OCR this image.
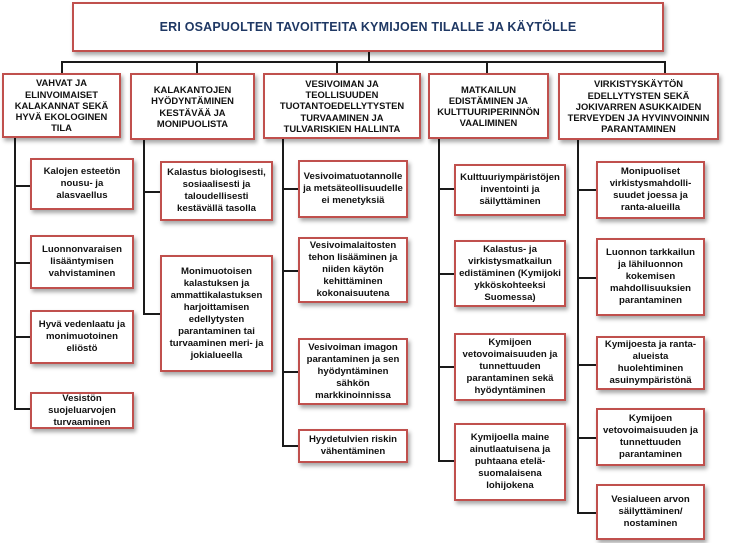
ERI OSAPUOLTEN TAVOITTEITA KYMIJOEN TILALLE JA KÄYTÖLLE
VAHVAT JA ELINVOIMAISET KALAKANNAT SEKÄ HYVÄ EKOLOGINEN TILA
KALAKANTOJEN HYÖDYNTÄMINEN KESTÄVÄÄ JA MONIPUOLISTA
VESIVOIMAN JA TEOLLISUUDEN TUOTANTOEDELLYTYSTEN TURVAAMINEN JA TULVARISKIEN HALLINTA
MATKAILUN EDISTÄMINEN JA KULTTUURIPERINNÖN VAALIMINEN
VIRKISTYSKÄYTÖN EDELLYTYSTEN SEKÄ JOKIVARREN ASUKKAIDEN TERVEYDEN JA HYVINVOINNIN PARANTAMINEN
Kalojen esteetön nousu- ja alasvaellus
Luonnonvaraisen lisääntymisen vahvistaminen
Hyvä vedenlaatu ja monimuotoinen eliöstö
Vesistön suojeluarvojen turvaaminen
Kalastus biologisesti, sosiaalisesti ja taloudellisesti kestävällä tasolla
Monimuotoisen kalastuksen ja ammattikalastuksen harjoittamisen edellytysten parantaminen tai turvaaminen meri- ja jokialueella
Vesivoimatuotannolle ja metsäteollisuudelle ei menetyksiä
Vesivoimalaitosten tehon lisääminen ja niiden käytön kehittäminen kokonaisuutena
Vesivoiman imagon parantaminen ja sen hyödyntäminen sähkön markkinoinnissa
Hyydetulvien riskin vähentäminen
Kulttuuriympäristöjen inventointi ja säilyttäminen
Kalastus- ja virkistysmatkailun edistäminen (Kymijoki ykköskohteeksi Suomessa)
Kymijoen vetovoimaisuuden ja tunnettuuden parantaminen sekä hyödyntäminen
Kymijoella maine ainutlaatuisena ja puhtaana etelä-suomalaisena lohijokena
Monipuoliset virkistysmahdolli-suudet joessa ja ranta-alueilla
Luonnon tarkkailun ja lähiluonnon kokemisen mahdollisuuksien parantaminen
Kymijoesta ja ranta-alueista huolehtiminen asuinympäristönä
Kymijoen vetovoimaisuuden ja tunnettuuden parantaminen
Vesialueen arvon säilyttäminen/ nostaminen
